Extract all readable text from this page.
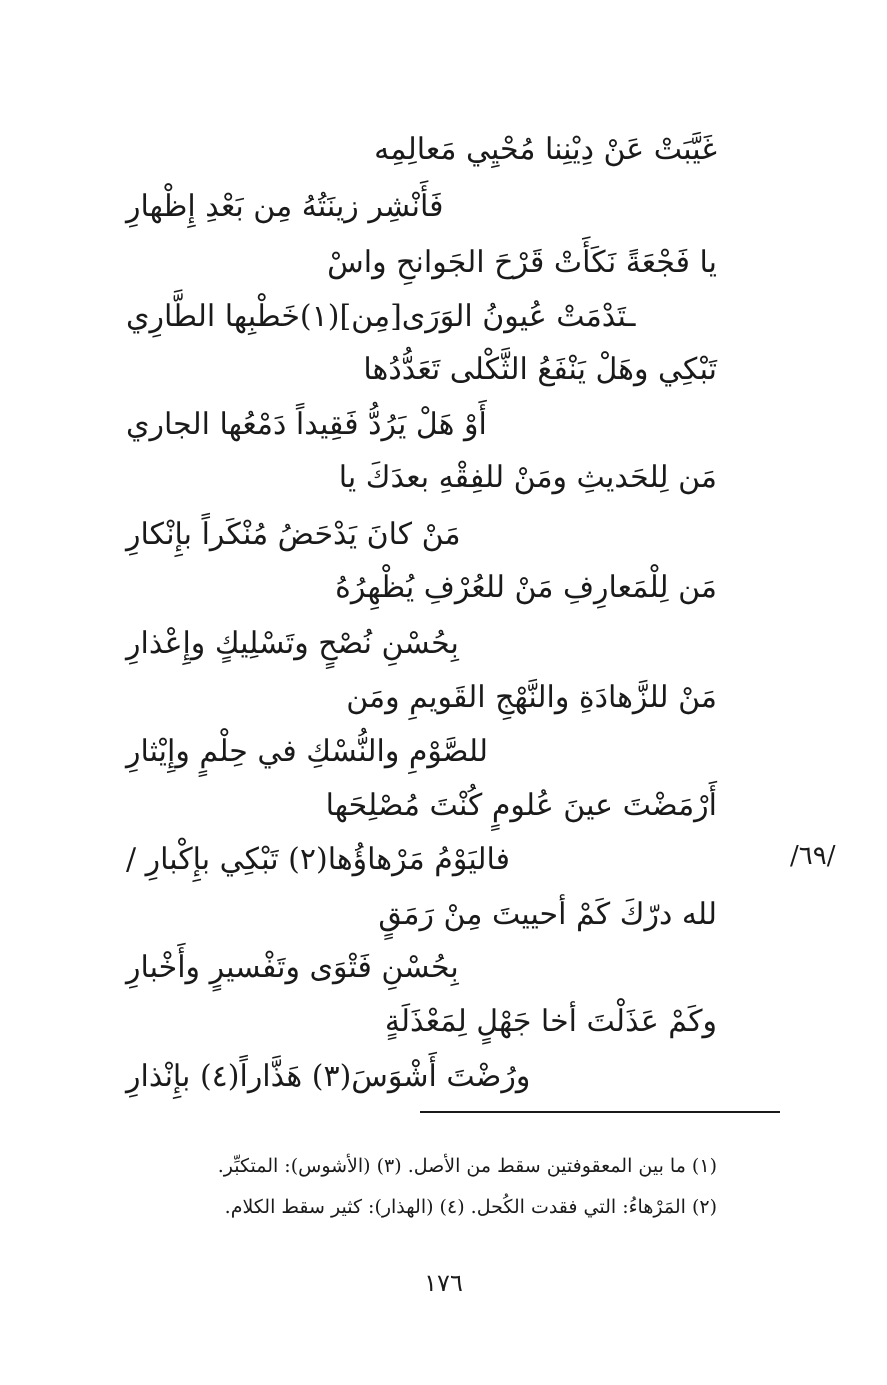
غَيَّبَتْ عَنْ دِيْنِنا مُحْيِي مَعالِمِه
فَأَنْشِر زينَتُهُ مِن بَعْدِ إِظْهارِ
يا فَجْعَةً نَكَأَتْ قَرْحَ الجَوانحِ واسْ
ـتَدْمَتْ عُيونُ الوَرَى[مِن](١)خَطْبِها الطَّارِي
تَبْكِي وهَلْ يَنْفَعُ الثَّكْلى تَعَدُّدُها
أَوْ هَلْ يَرُدُّ فَقِيداً دَمْعُها الجاري
مَن لِلحَديثِ ومَنْ للفِقْهِ بعدَكَ يا
مَنْ كانَ يَدْحَضُ مُنْكَراً بإِنْكارِ
مَن لِلْمَعارِفِ مَنْ للعُرْفِ يُظْهِرُهُ
بِحُسْنِ نُصْحٍ وتَسْلِيكٍ وإِعْذارِ
مَنْ للزَّهادَةِ والنَّهْجِ القَويمِ ومَن
للصَّوْمِ والنُّسْكِ في حِلْمٍ وإِيْثارِ
أَرْمَضْتَ عينَ عُلومٍ كُنْتَ مُصْلِحَها
فاليَوْمُ مَرْهاؤُها(٢) تَبْكِي بإِكْبارِ /
لله درّكَ كَمْ أحييتَ مِنْ رَمَقٍ
بِحُسْنِ فَتْوَى وتَفْسيرٍ وأَخْبارِ
وكَمْ عَذَلْتَ أخا جَهْلٍ لِمَعْذَلَةٍ
ورُضْتَ أَشْوَسَ(٣) هَذَّاراً(٤) بإِنْذارِ
/٦٩/
(١) ما بين المعقوفتين سقط من الأصل. (٣) (الأشوس): المتكبِّر.
(٢) المَرْهاءُ: التي فقدت الكُحل. (٤) (الهذار): كثير سقط الكلام.
١٧٦
